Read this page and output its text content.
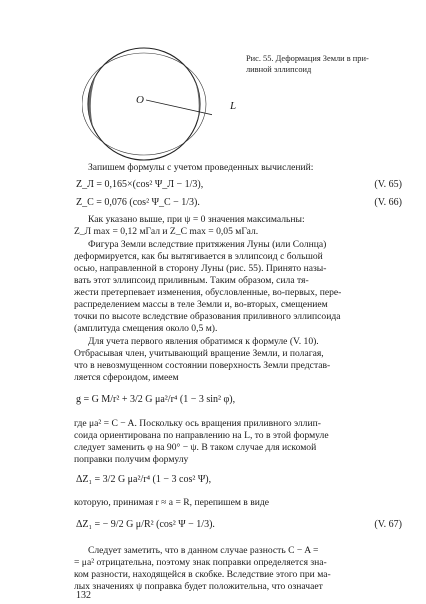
O	L
Рис. 55. Деформация Земли в при-
ливной эллипсоид
Запишем формулы с учетом проведенных вычислений:
Z_Л = 0,165×(cos² Ψ_Л − 1/3),	(V. 65)
Z_C = 0,076 (cos² Ψ_C − 1/3).	(V. 66)
Как указано выше, при ψ = 0 значения максимальны:
Z_Л max = 0,12 мГал и Z_C max = 0,05 мГал.
Фигура Земли вследствие притяжения Луны (или Солнца)
деформируется, как бы вытягивается в эллипсоид с большой
осью, направленной в сторону Луны (рис. 55). Принято назы-
вать этот эллипсоид приливным. Таким образом, сила тя-
жести претерпевает изменения, обусловленные, во-первых, пере-
распределением массы в теле Земли и, во-вторых, смещением
точки по высоте вследствие образования приливного эллипсоида
(амплитуда смещения около 0,5 м).
Для учета первого явления обратимся к формуле (V. 10).
Отбрасывая член, учитывающий вращение Земли, и полагая,
что в невозмущенном состоянии поверхность Земли представ-
ляется сфероидом, имеем
g = G M/r² + 3/2 G μa²/r⁴ (1 − 3 sin² φ),
где μa² = C − A. Поскольку ось вращения приливного эллип-
соида ориентирована по направлению на L, то в этой формуле
следует заменить φ на 90° − ψ. В таком случае для искомой
поправки получим формулу
ΔZ₁ = 3/2 G μa²/r⁴ (1 − 3 cos² Ψ),
которую, принимая r ≈ a = R, перепишем в виде
ΔZ₁ = − 9/2 G μ/R² (cos² Ψ − 1/3).	(V. 67)
Следует заметить, что в данном случае разность C − A =
= μa² отрицательна, поэтому знак поправки определяется зна-
ком разности, находящейся в скобке. Вследствие этого при ма-
лых значениях ψ поправка будет положительна, что означает
132
